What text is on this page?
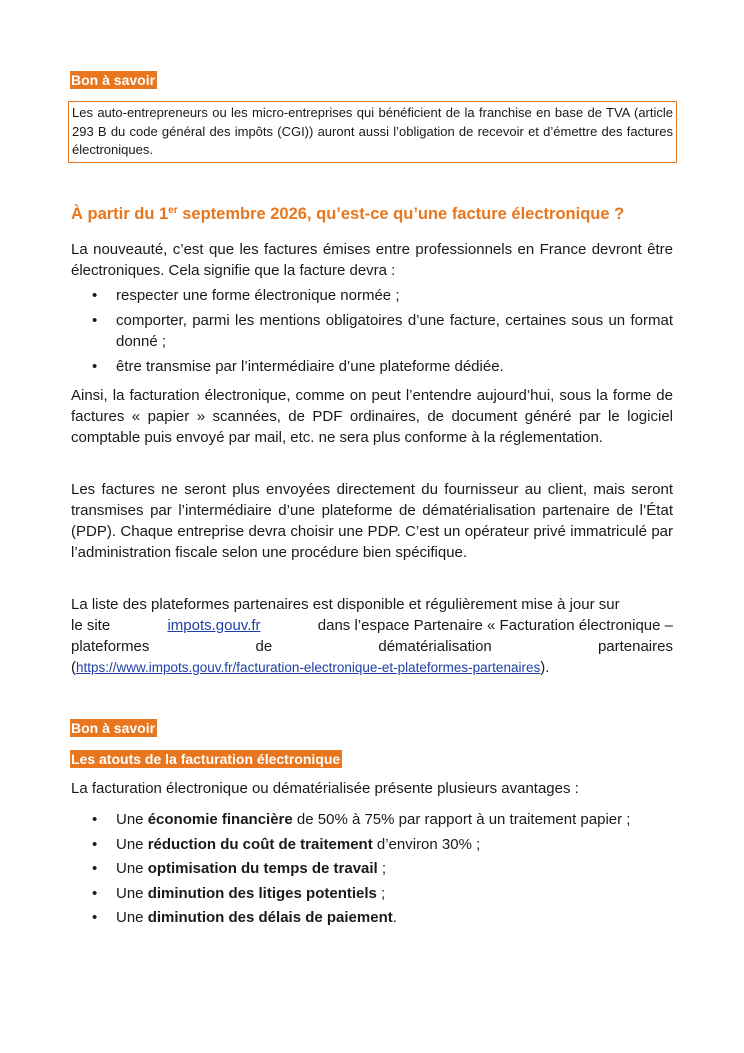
Bon à savoir
Les auto-entrepreneurs ou les micro-entreprises qui bénéficient de la franchise en base de TVA (article 293 B du code général des impôts (CGI)) auront aussi l’obligation de recevoir et d’émettre des factures électroniques.
À partir du 1er septembre 2026, qu’est-ce qu’une facture électronique ?

La nouveauté, c’est que les factures émises entre professionnels en France devront être électroniques. Cela signifie que la facture devra :

• respecter une forme électronique normée ;
• comporter, parmi les mentions obligatoires d’une facture, certaines sous un format donné ;
• être transmise par l’intermédiaire d’une plateforme dédiée.

Ainsi, la facturation électronique, comme on peut l’entendre aujourd’hui, sous la forme de factures « papier » scannées, de PDF ordinaires, de document généré par le logiciel comptable puis envoyé par mail, etc. ne sera plus conforme à la réglementation.

Les factures ne seront plus envoyées directement du fournisseur au client, mais seront transmises par l’intermédiaire d’une plateforme de dématérialisation partenaire de l’État (PDP). Chaque entreprise devra choisir une PDP. C’est un opérateur privé immatriculé par l’administration fiscale selon une procédure bien spécifique.

La liste des plateformes partenaires est disponible et régulièrement mise à jour sur
le site	impots.gouv.fr	dans l’espace Partenaire « Facturation électronique –
plateformes	de	dématérialisation	partenaires
(https://www.impots.gouv.fr/facturation-electronique-et-plateformes-partenaires).
Bon à savoir
Les atouts de la facturation électronique

La facturation électronique ou dématérialisée présente plusieurs avantages :

• Une économie financière de 50% à 75% par rapport à un traitement papier ;
• Une réduction du coût de traitement d’environ 30% ;
• Une optimisation du temps de travail ;
• Une diminution des litiges potentiels ;
• Une diminution des délais de paiement.
